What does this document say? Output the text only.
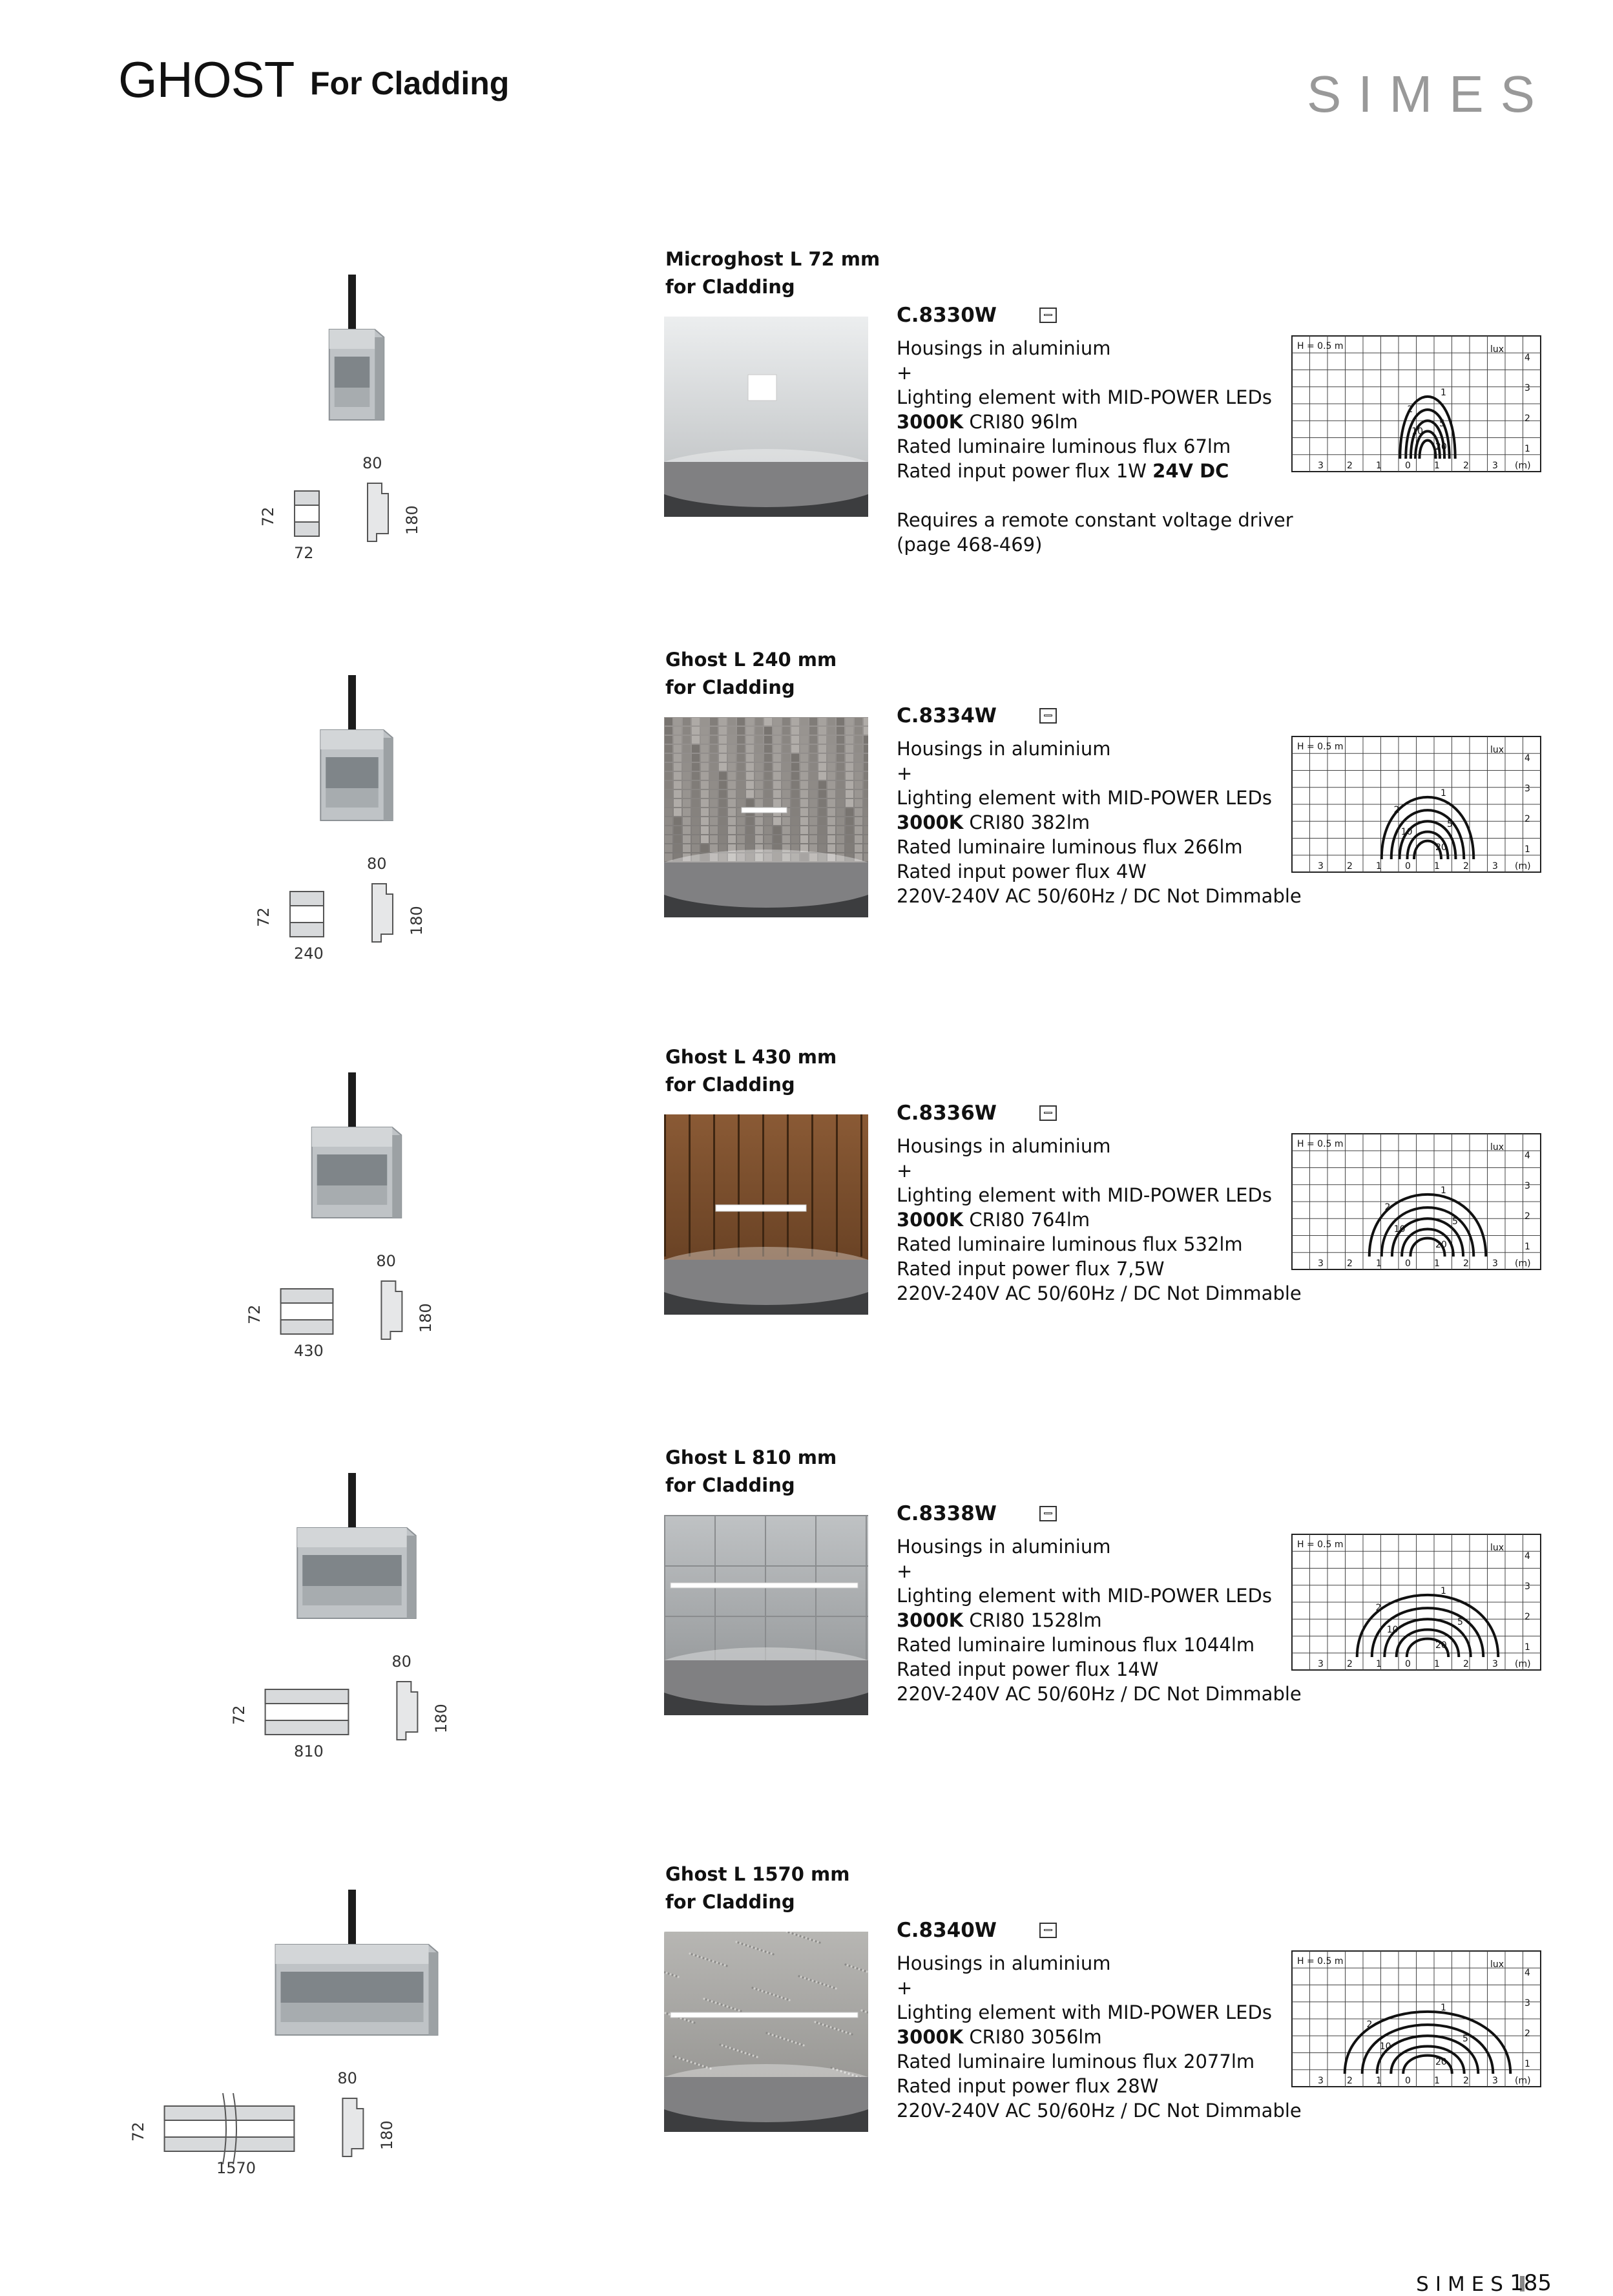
GHOST For Cladding	SIMES
72
72
80
180
Microghost L 72 mm
for Cladding
C.8330W
Housings in aluminium
+
Lighting element with MID-POWER LEDs
3000K CRI80 96lm
Rated luminaire luminous flux 67lm
Rated input power flux 1W 24V DC
Requires a remote constant voltage driver
(page 468-469)
H = 0.5 m	lux
4
3
2
1
3	2	1	0	1	2	3 (m)
1
2
5
10
20
240
72
80
180
Ghost L 240 mm
for Cladding
C.8334W
Housings in aluminium
+
Lighting element with MID-POWER LEDs
3000K CRI80 382lm
Rated luminaire luminous flux 266lm
Rated input power flux 4W
220V-240V AC 50/60Hz / DC Not Dimmable
H = 0.5 m	lux
4
3
2
1
3	2	1	0	1	2	3 (m)
1
2
5
10
20
430
72
80
180
Ghost L 430 mm
for Cladding
C.8336W
Housings in aluminium
+
Lighting element with MID-POWER LEDs
3000K CRI80 764lm
Rated luminaire luminous flux 532lm
Rated input power flux 7,5W
220V-240V AC 50/60Hz / DC Not Dimmable
H = 0.5 m	lux
4
3
2
1
3	2	1	0	1	2	3 (m)
1
2
5
10
20
810
72
80
180
Ghost L 810 mm
for Cladding
C.8338W
Housings in aluminium
+
Lighting element with MID-POWER LEDs
3000K CRI80 1528lm
Rated luminaire luminous flux 1044lm
Rated input power flux 14W
220V-240V AC 50/60Hz / DC Not Dimmable
H = 0.5 m	lux
4
3
2
1
3	2	1	0	1	2	3 (m)
1
2
5
10
20
1570
72
80
180
Ghost L 1570 mm
for Cladding
C.8340W
Housings in aluminium
+
Lighting element with MID-POWER LEDs
3000K CRI80 3056lm
Rated luminaire luminous flux 2077lm
Rated input power flux 28W
220V-240V AC 50/60Hz / DC Not Dimmable
H = 0.5 m	lux
4
3
2
1
3	2	1	0	1	2	3 (m)
1
2
5
10
20
SIMES 185
